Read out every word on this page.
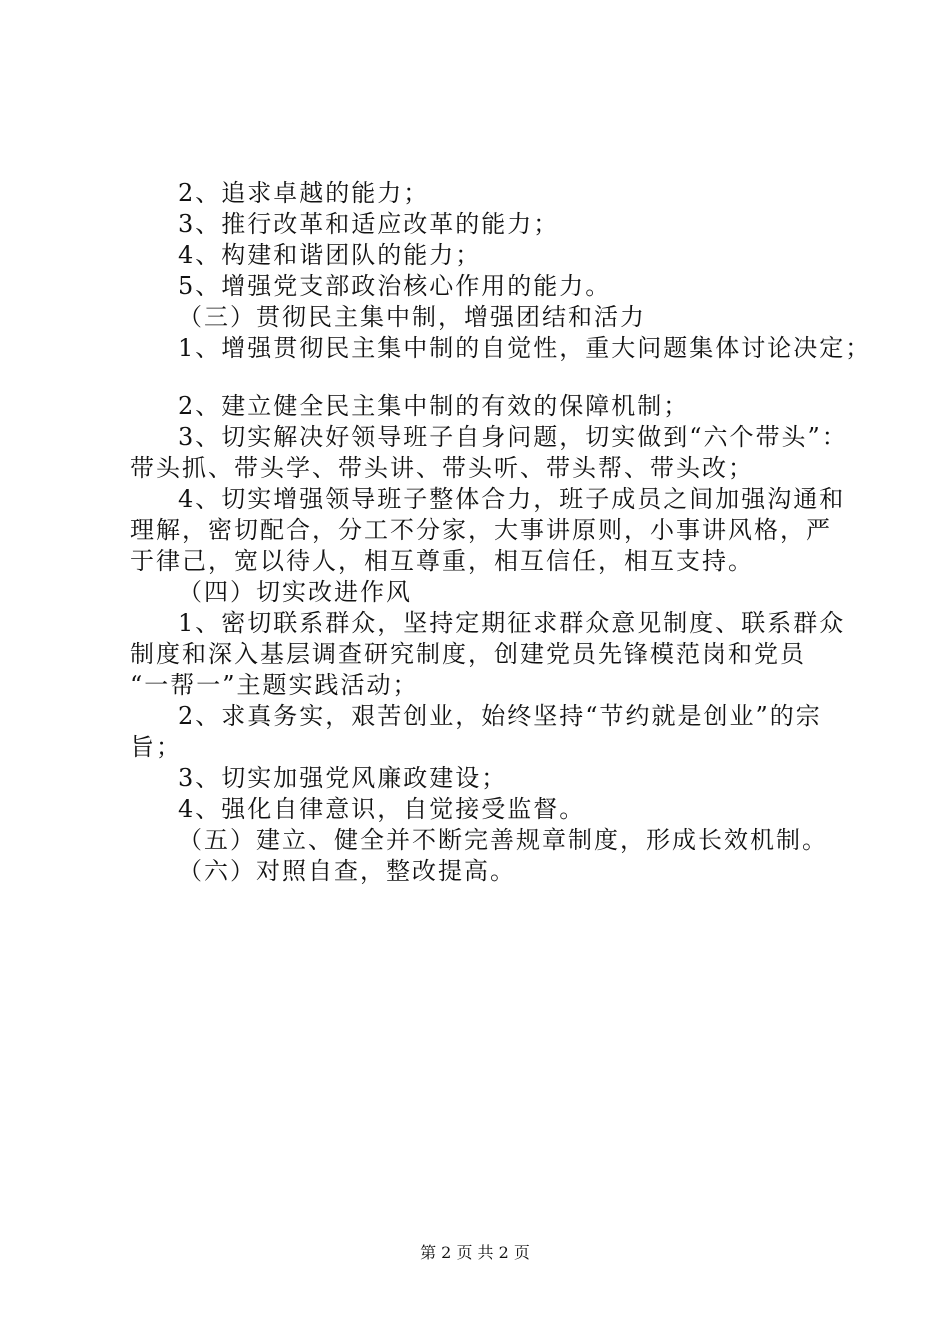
2、追求卓越的能力；
3、推行改革和适应改革的能力；
4、构建和谐团队的能力；
5、增强党支部政治核心作用的能力。
（三）贯彻民主集中制，增强团结和活力
1、增强贯彻民主集中制的自觉性，重大问题集体讨论决定；
2、建立健全民主集中制的有效的保障机制；
3、切实解决好领导班子自身问题，切实做到“六个带头”：
带头抓、带头学、带头讲、带头听、带头帮、带头改；
4、切实增强领导班子整体合力，班子成员之间加强沟通和
理解，密切配合，分工不分家，大事讲原则，小事讲风格，严
于律己，宽以待人，相互尊重，相互信任，相互支持。
（四）切实改进作风
1、密切联系群众，坚持定期征求群众意见制度、联系群众
制度和深入基层调查研究制度，创建党员先锋模范岗和党员
“一帮一”主题实践活动；
2、求真务实，艰苦创业，始终坚持“节约就是创业”的宗
旨；
3、切实加强党风廉政建设；
4、强化自律意识，自觉接受监督。
（五）建立、健全并不断完善规章制度，形成长效机制。
（六）对照自查，整改提高。
第 2 页 共 2 页
